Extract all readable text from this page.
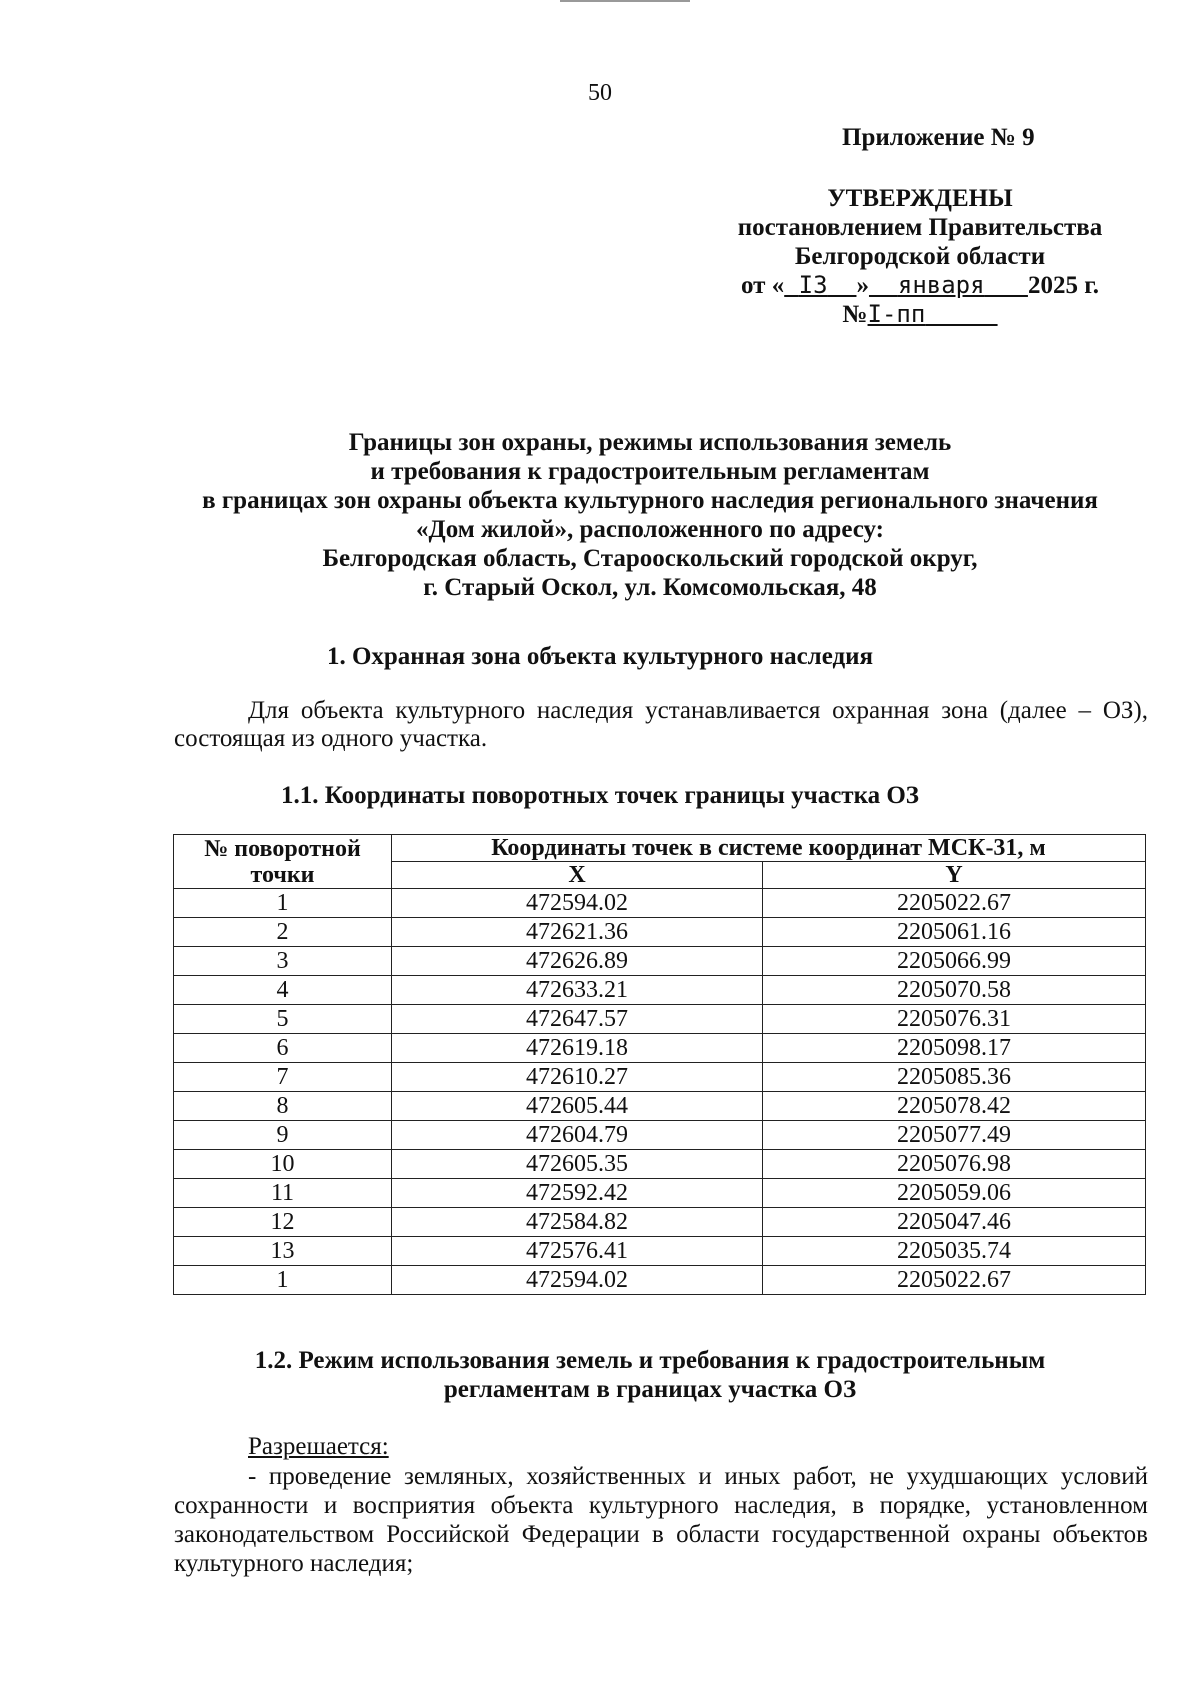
50
Приложение № 9
УТВЕРЖДЕНЫ
постановлением Правительства
Белгородской области
от « I3 » января 2025 г.
№I-пп
Границы зон охраны, режимы использования земель
и требования к градостроительным регламентам
в границах зон охраны объекта культурного наследия регионального значения
«Дом жилой», расположенного по адресу:
Белгородская область, Старооскольский городской округ,
г. Старый Оскол, ул. Комсомольская, 48
1. Охранная зона объекта культурного наследия
Для объекта культурного наследия устанавливается охранная зона (далее – ОЗ), состоящая из одного участка.
1.1. Координаты поворотных точек границы участка ОЗ
№ поворотной точки	Координаты точек в системе координат МСК-31, м	
	X	Y
1	472594.02	2205022.67
2	472621.36	2205061.16
3	472626.89	2205066.99
4	472633.21	2205070.58
5	472647.57	2205076.31
6	472619.18	2205098.17
7	472610.27	2205085.36
8	472605.44	2205078.42
9	472604.79	2205077.49
10	472605.35	2205076.98
11	472592.42	2205059.06
12	472584.82	2205047.46
13	472576.41	2205035.74
1	472594.02	2205022.67
1.2. Режим использования земель и требования к градостроительным
регламентам в границах участка ОЗ
Разрешается:
- проведение земляных, хозяйственных и иных работ, не ухудшающих условий сохранности и восприятия объекта культурного наследия, в порядке, установленном законодательством Российской Федерации в области государственной охраны объектов культурного наследия;
